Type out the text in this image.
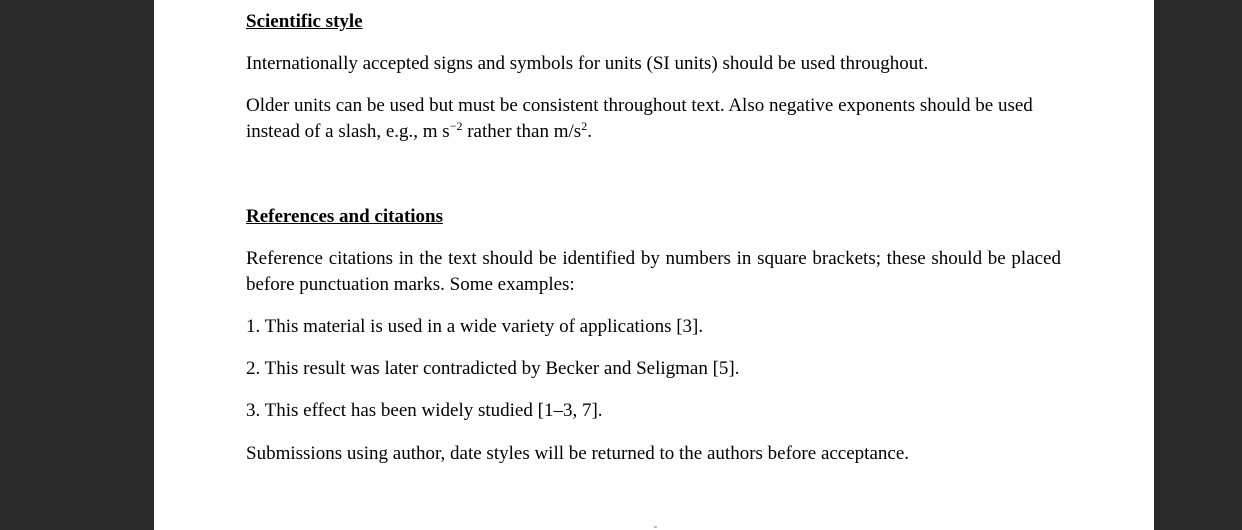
Scientific style
Internationally accepted signs and symbols for units (SI units) should be used throughout.
Older units can be used but must be consistent throughout text. Also negative exponents should be used
instead of a slash, e.g., m $s^{-2}$ rather than $m/s^2$.
References and citations

Reference citations in the text should be identified by numbers in square brackets; these should be placed before punctuation marks. Some examples:

1. This material is used in a wide variety of applications [3].
2. This result was later contradicted by Becker and Seligman [5].
3. This effect has been widely studied [1–3, 7].
Submissions using author, date styles will be returned to the authors before acceptance.
